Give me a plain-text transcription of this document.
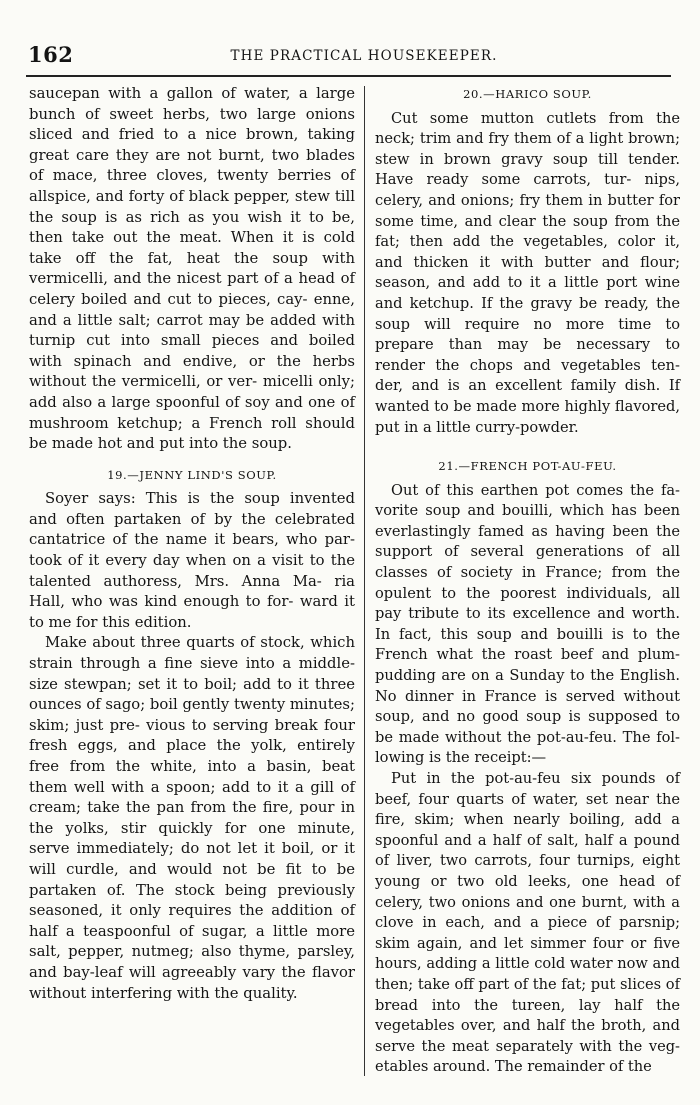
162	THE PRACTICAL HOUSEKEEPER.

saucepan with a gallon of water, a large bunch of sweet herbs, two large onions sliced and fried to a nice brown, taking great care they are not burnt, two blades of mace, three cloves, twenty berries of allspice, and forty of black pepper, stew till the soup is as rich as you wish it to be, then take out the meat. When it is cold take off the fat, heat the soup with vermicelli, and the nicest part of a head of celery boiled and cut to pieces, cay- enne, and a little salt; carrot may be added with turnip cut into small pieces and boiled with spinach and endive, or the herbs without the vermicelli, or ver- micelli only; add also a large spoonful of soy and one of mushroom ketchup; a French roll should be made hot and put into the soup.

19.—JENNY LIND'S SOUP.

Soyer says: This is the soup invented and often partaken of by the celebrated cantatrice of the name it bears, who par- took of it every day when on a visit to the talented authoress, Mrs. Anna Ma- ria Hall, who was kind enough to for- ward it to me for this edition.

Make about three quarts of stock, which strain through a fine sieve into a middle-size stewpan; set it to boil; add to it three ounces of sago; boil gently twenty minutes; skim; just pre- vious to serving break four fresh eggs, and place the yolk, entirely free from the white, into a basin, beat them well with a spoon; add to it a gill of cream; take the pan from the fire, pour in the yolks, stir quickly for one minute, serve immediately; do not let it boil, or it will curdle, and would not be fit to be partaken of. The stock being previously seasoned, it only requires the addition of half a teaspoonful of sugar, a little more salt, pepper, nutmeg; also thyme, parsley, and bay-leaf will agreeably vary the flavor without interfering with the quality.

20.—HARICO SOUP.

Cut some mutton cutlets from the neck; trim and fry them of a light brown; stew in brown gravy soup till tender. Have ready some carrots, tur- nips, celery, and onions; fry them in butter for some time, and clear the soup from the fat; then add the vegetables, color it, and thicken it with butter and flour; season, and add to it a little port wine and ketchup. If the gravy be ready, the soup will require no more time to prepare than may be necessary to render the chops and vegetables ten- der, and is an excellent family dish. If wanted to be made more highly flavored, put in a little curry-powder.

21.—FRENCH POT-AU-FEU.

Out of this earthen pot comes the fa- vorite soup and bouilli, which has been everlastingly famed as having been the support of several generations of all classes of society in France; from the opulent to the poorest individuals, all pay tribute to its excellence and worth. In fact, this soup and bouilli is to the French what the roast beef and plum- pudding are on a Sunday to the English. No dinner in France is served without soup, and no good soup is supposed to be made without the pot-au-feu. The fol- lowing is the receipt:—

Put in the pot-au-feu six pounds of beef, four quarts of water, set near the fire, skim; when nearly boiling, add a spoonful and a half of salt, half a pound of liver, two carrots, four turnips, eight young or two old leeks, one head of celery, two onions and one burnt, with a clove in each, and a piece of parsnip; skim again, and let simmer four or five hours, adding a little cold water now and then; take off part of the fat; put slices of bread into the tureen, lay half the vegetables over, and half the broth, and serve the meat separately with the veg- etables around. The remainder of the
